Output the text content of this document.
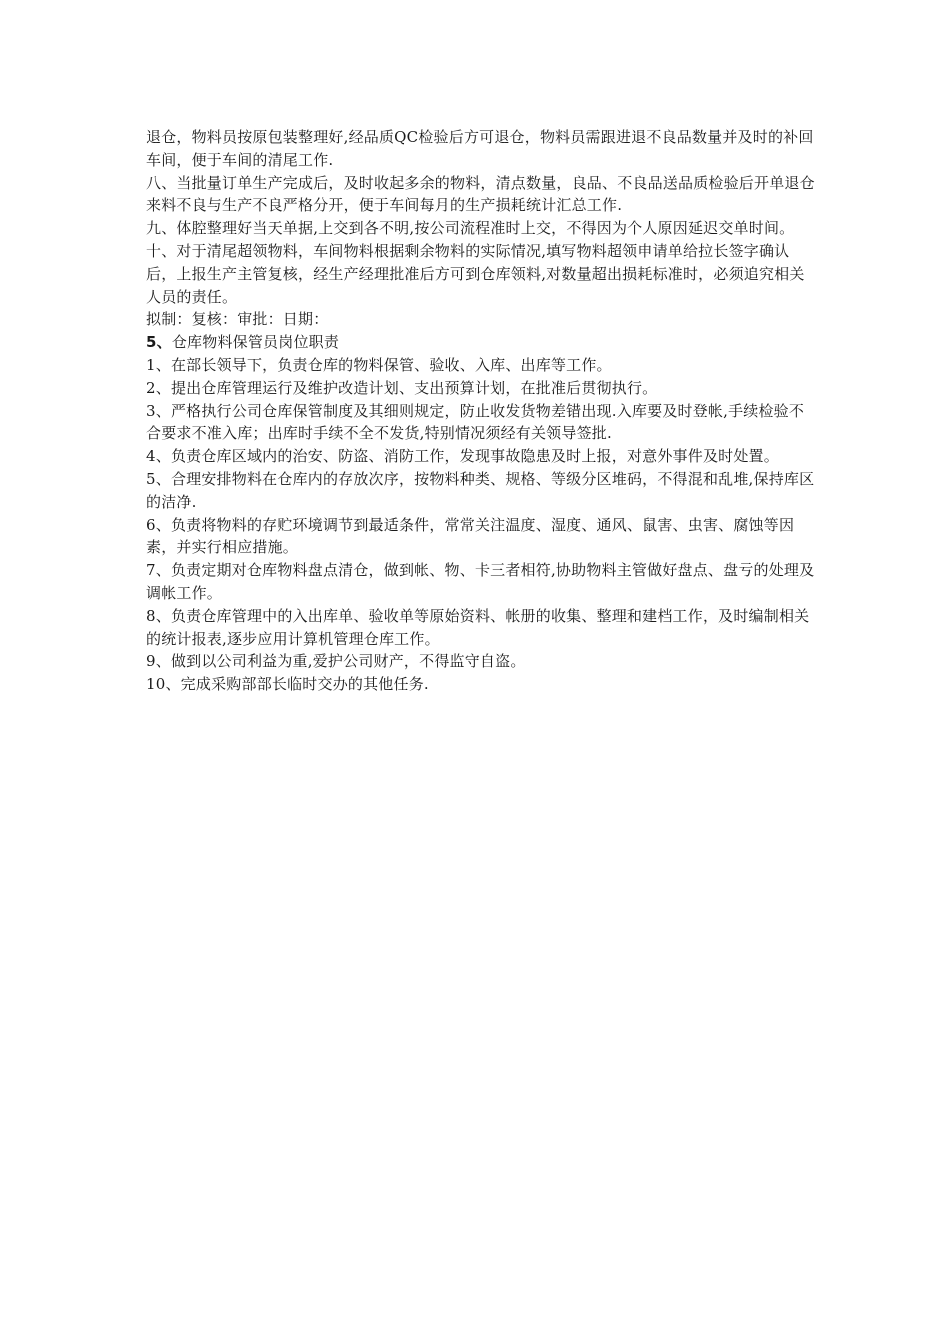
退仓，物料员按原包装整理好,经品质QC检验后方可退仓，物料员需跟进退不良品数量并及时的补回车间，便于车间的清尾工作.

八、当批量订单生产完成后，及时收起多余的物料，清点数量，良品、不良品送品质检验后开单退仓来料不良与生产不良严格分开，便于车间每月的生产损耗统计汇总工作.

九、体腔整理好当天单据,上交到各不明,按公司流程准时上交，不得因为个人原因延迟交单时间。

十、对于清尾超领物料，车间物料根据剩余物料的实际情况,填写物料超领申请单给拉长签字确认后，上报生产主管复核，经生产经理批准后方可到仓库领料,对数量超出损耗标准时，必须追究相关人员的责任。

拟制：复核：审批：日期：

5、仓库物料保管员岗位职责

1、在部长领导下，负责仓库的物料保管、验收、入库、出库等工作。

2、提出仓库管理运行及维护改造计划、支出预算计划，在批准后贯彻执行。

3、严格执行公司仓库保管制度及其细则规定，防止收发货物差错出现.入库要及时登帐,手续检验不合要求不准入库；出库时手续不全不发货,特别情况须经有关领导签批.

4、负责仓库区域内的治安、防盗、消防工作，发现事故隐患及时上报，对意外事件及时处置。

5、合理安排物料在仓库内的存放次序，按物料种类、规格、等级分区堆码，不得混和乱堆,保持库区的洁净.

6、负责将物料的存贮环境调节到最适条件，常常关注温度、湿度、通风、鼠害、虫害、腐蚀等因素，并实行相应措施。

7、负责定期对仓库物料盘点清仓，做到帐、物、卡三者相符,协助物料主管做好盘点、盘亏的处理及调帐工作。

8、负责仓库管理中的入出库单、验收单等原始资料、帐册的收集、整理和建档工作，及时编制相关的统计报表,逐步应用计算机管理仓库工作。

9、做到以公司利益为重,爱护公司财产，不得监守自盗。

10、完成采购部部长临时交办的其他任务.
